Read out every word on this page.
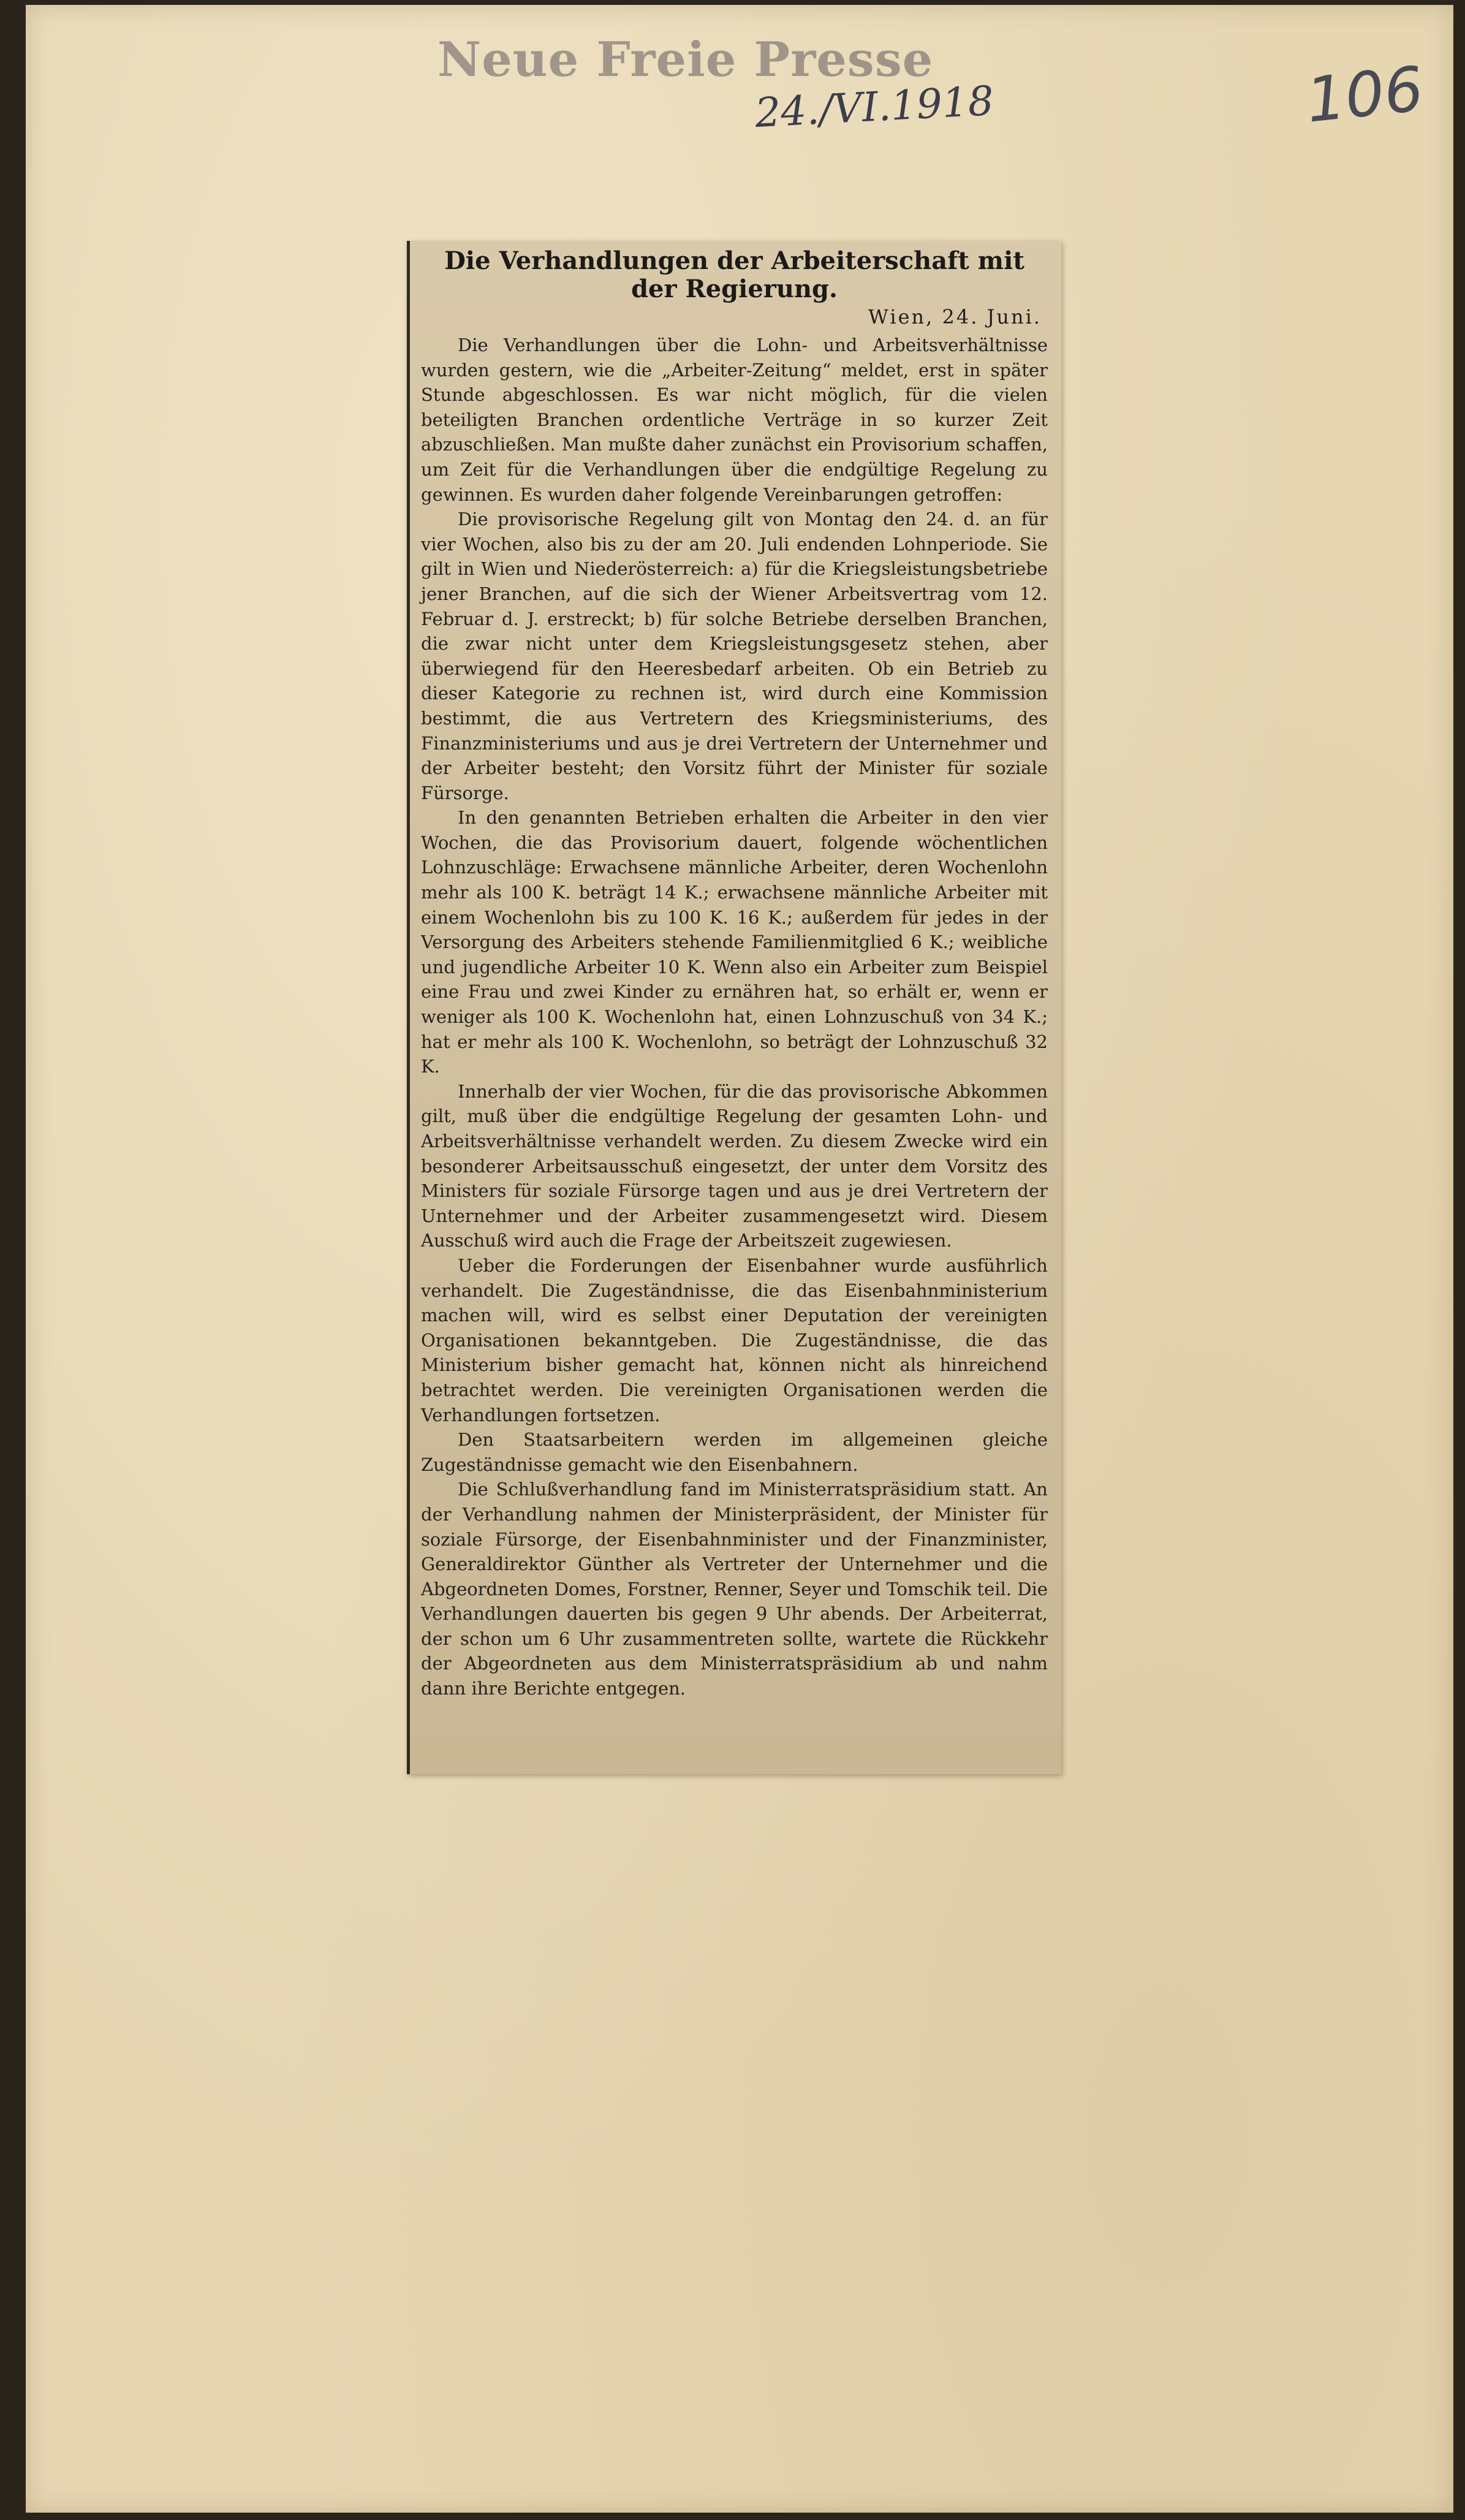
Neue Freie Presse
24./VI.1918	106
Die Verhandlungen der Arbeiterschaft mit der Regierung.
Wien, 24. Juni.

Die Verhandlungen über die Lohn- und Arbeitsverhältnisse wurden gestern, wie die „Arbeiter-Zeitung“ meldet, erst in später Stunde abgeschlossen. Es war nicht möglich, für die vielen beteiligten Branchen ordentliche Verträge in so kurzer Zeit abzuschließen. Man mußte daher zunächst ein Provisorium schaffen, um Zeit für die Verhandlungen über die endgültige Regelung zu gewinnen. Es wurden daher folgende Vereinbarungen getroffen:

Die provisorische Regelung gilt von Montag den 24. d. an für vier Wochen, also bis zu der am 20. Juli endenden Lohnperiode. Sie gilt in Wien und Niederösterreich: a) für die Kriegsleistungsbetriebe jener Branchen, auf die sich der Wiener Arbeitsvertrag vom 12. Februar d. J. erstreckt; b) für solche Betriebe derselben Branchen, die zwar nicht unter dem Kriegsleistungsgesetz stehen, aber überwiegend für den Heeresbedarf arbeiten. Ob ein Betrieb zu dieser Kategorie zu rechnen ist, wird durch eine Kommission bestimmt, die aus Vertretern des Kriegsministeriums, des Finanzministeriums und aus je drei Vertretern der Unternehmer und der Arbeiter besteht; den Vorsitz führt der Minister für soziale Fürsorge.

In den genannten Betrieben erhalten die Arbeiter in den vier Wochen, die das Provisorium dauert, folgende wöchentlichen Lohnzuschläge: Erwachsene männliche Arbeiter, deren Wochenlohn mehr als 100 K. beträgt 14 K.; erwachsene männliche Arbeiter mit einem Wochenlohn bis zu 100 K. 16 K.; außerdem für jedes in der Versorgung des Arbeiters stehende Familienmitglied 6 K.; weibliche und jugendliche Arbeiter 10 K. Wenn also ein Arbeiter zum Beispiel eine Frau und zwei Kinder zu ernähren hat, so erhält er, wenn er weniger als 100 K. Wochenlohn hat, einen Lohnzuschuß von 34 K.; hat er mehr als 100 K. Wochenlohn, so beträgt der Lohnzuschuß 32 K.

Innerhalb der vier Wochen, für die das provisorische Abkommen gilt, muß über die endgültige Regelung der gesamten Lohn- und Arbeitsverhältnisse verhandelt werden. Zu diesem Zwecke wird ein besonderer Arbeitsausschuß eingesetzt, der unter dem Vorsitz des Ministers für soziale Fürsorge tagen und aus je drei Vertretern der Unternehmer und der Arbeiter zusammengesetzt wird. Diesem Ausschuß wird auch die Frage der Arbeitszeit zugewiesen.

Ueber die Forderungen der Eisenbahner wurde ausführlich verhandelt. Die Zugeständnisse, die das Eisenbahnministerium machen will, wird es selbst einer Deputation der vereinigten Organisationen bekanntgeben. Die Zugeständnisse, die das Ministerium bisher gemacht hat, können nicht als hinreichend betrachtet werden. Die vereinigten Organisationen werden die Verhandlungen fortsetzen.

Den Staatsarbeitern werden im allgemeinen gleiche Zugeständnisse gemacht wie den Eisenbahnern.

Die Schlußverhandlung fand im Ministerratspräsidium statt. An der Verhandlung nahmen der Ministerpräsident, der Minister für soziale Fürsorge, der Eisenbahnminister und der Finanzminister, Generaldirektor Günther als Vertreter der Unternehmer und die Abgeordneten Domes, Forstner, Renner, Seyer und Tomschik teil. Die Verhandlungen dauerten bis gegen 9 Uhr abends. Der Arbeiterrat, der schon um 6 Uhr zusammentreten sollte, wartete die Rückkehr der Abgeordneten aus dem Ministerratspräsidium ab und nahm dann ihre Berichte entgegen.
